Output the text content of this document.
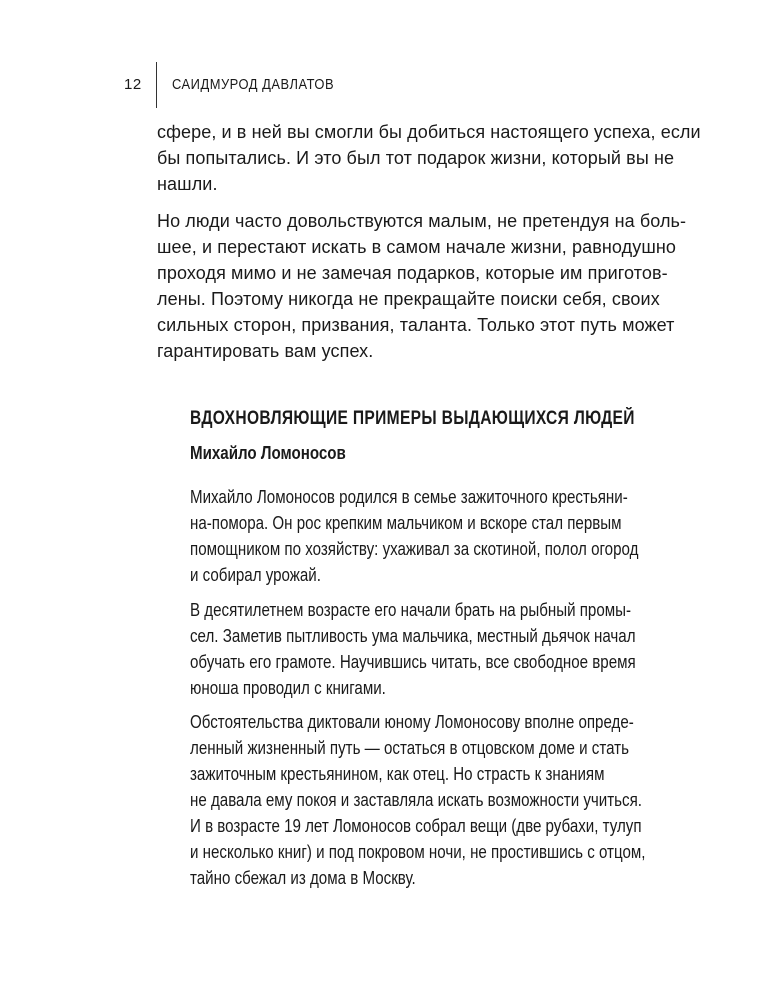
12 САИДМУРОД ДАВЛАТОВ
сфере, и в ней вы смогли бы добиться настоящего успеха, если
бы попытались. И это был тот подарок жизни, который вы не
нашли.
Но люди часто довольствуются малым, не претендуя на боль-
шее, и перестают искать в самом начале жизни, равнодушно
проходя мимо и не замечая подарков, которые им приготов-
лены. Поэтому никогда не прекращайте поиски себя, своих
сильных сторон, призвания, таланта. Только этот путь может
гарантировать вам успех.
ВДОХНОВЛЯЮЩИЕ ПРИМЕРЫ ВЫДАЮЩИХСЯ ЛЮДЕЙ
Михайло Ломоносов
Михайло Ломоносов родился в семье зажиточного крестьяни-
на-помора. Он рос крепким мальчиком и вскоре стал первым
помощником по хозяйству: ухаживал за скотиной, полол огород
и собирал урожай.
В десятилетнем возрасте его начали брать на рыбный промы-
сел. Заметив пытливость ума мальчика, местный дьячок начал
обучать его грамоте. Научившись читать, все свободное время
юноша проводил с книгами.
Обстоятельства диктовали юному Ломоносову вполне опреде-
ленный жизненный путь — остаться в отцовском доме и стать
зажиточным крестьянином, как отец. Но страсть к знаниям
не давала ему покоя и заставляла искать возможности учиться.
И в возрасте 19 лет Ломоносов собрал вещи (две рубахи, тулуп
и несколько книг) и под покровом ночи, не простившись с отцом,
тайно сбежал из дома в Москву.
